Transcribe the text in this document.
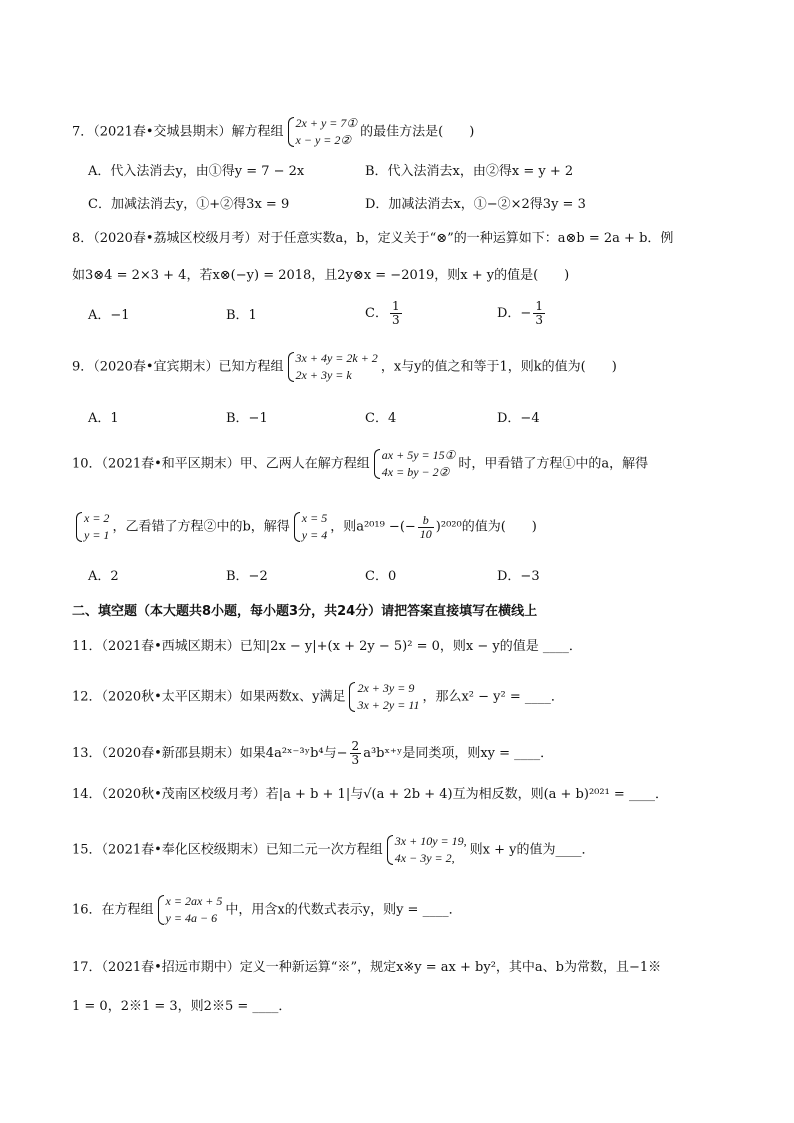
7．（2021春•交城县期末）解方程组
2x + y = 7①
x − y = 2②
的最佳方法是(　　)
A．代入法消去y，由①得y = 7 − 2x	B．代入法消去x，由②得x = y + 2
C．加减法消去y，①+②得3x = 9	D．加减法消去x，①−②×2得3y = 3
8．（2020春•荔城区校级月考）对于任意实数a，b，定义关于“⊗”的一种运算如下：a⊗b = 2a + b．例
如3⊗4 = 2×3 + 4，若x⊗(−y) = 2018，且2y⊗x = −2019，则x + y的值是(　　)
A．−1	B．1	C． $\frac{1}{3}$	D．− $\frac{1}{3}$
9．（2020春•宜宾期末）已知方程组
3x + 4y = 2k + 2
2x + 3y = k
，x与y的值之和等于1，则k的值为(　　)
A．1	B．−1	C．4	D．−4
10．（2021春•和平区期末）甲、乙两人在解方程组
ax + 5y = 15①
4x = by − 2②
时，甲看错了方程①中的a，解得
x = 2
y = 1
，乙看错了方程②中的b，解得
x = 5
y = 4
，则a²⁰¹⁹ −(− $\frac{b}{10} )^{2020}$的值为(　　)
A．2	B．−2	C．0	D．−3
二、填空题（本大题共8小题，每小题3分，共24分）请把答案直接填写在横线上
11．（2021春•西城区期末）已知|2x − y|+(x + 2y − 5)² = 0，则x − y的值是 ____．
12．（2020秋•太平区期末）如果两数x、y满足
2x + 3y = 9
3x + 2y = 11
，那么x² − y² = ____．
13．（2020春•新邵县期末）如果4a²ˣ⁻³ʸb⁴与− $\frac{2}{3}$ a³bˣ⁺ʸ是同类项，则xy = ____．
14．（2020秋•茂南区校级月考）若|a + b + 1|与√(a + 2b + 4)互为相反数，则(a + b)²⁰²¹ = ____．
15．（2021春•奉化区校级期末）已知二元一次方程组
3x + 10y = 19,
4x − 3y = 2,
则x + y的值为____．
16．在方程组
x = 2ax + 5
y = 4a − 6
中，用含x的代数式表示y，则y = ____．
17．（2021春•招远市期中）定义一种新运算“※”，规定x※y = ax + by²，其中a、b为常数，且−1※
1 = 0，2※1 = 3，则2※5 = ____．
